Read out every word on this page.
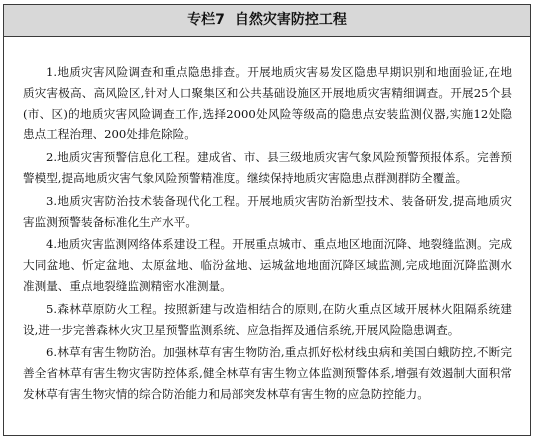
专栏7 自然灾害防控工程

1.地质灾害风险调查和重点隐患排查。开展地质灾害易发区隐患早期识别和地面验证,在地质灾害极高、高风险区,针对人口聚集区和公共基础设施区开展地质灾害精细调查。开展25个县(市、区)的地质灾害风险调查工作,选择2000处风险等级高的隐患点安装监测仪器,实施12处隐患点工程治理、200处排危除险。

2.地质灾害预警信息化工程。建成省、市、县三级地质灾害气象风险预警预报体系。完善预警模型,提高地质灾害气象风险预警精准度。继续保持地质灾害隐患点群测群防全覆盖。

3.地质灾害防治技术装备现代化工程。开展地质灾害防治新型技术、装备研发,提高地质灾害监测预警装备标准化生产水平。

4.地质灾害监测网络体系建设工程。开展重点城市、重点地区地面沉降、地裂缝监测。完成大同盆地、忻定盆地、太原盆地、临汾盆地、运城盆地地面沉降区域监测,完成地面沉降监测水准测量、重点地裂缝监测精密水准测量。

5.森林草原防火工程。按照新建与改造相结合的原则,在防火重点区域开展林火阻隔系统建设,进一步完善森林火灾卫星预警监测系统、应急指挥及通信系统,开展风险隐患调查。

6.林草有害生物防治。加强林草有害生物防治,重点抓好松材线虫病和美国白蛾防控,不断完善全省林草有害生物灾害防控体系,健全林草有害生物立体监测预警体系,增强有效遏制大面积常发林草有害生物灾情的综合防治能力和局部突发林草有害生物的应急防控能力。
